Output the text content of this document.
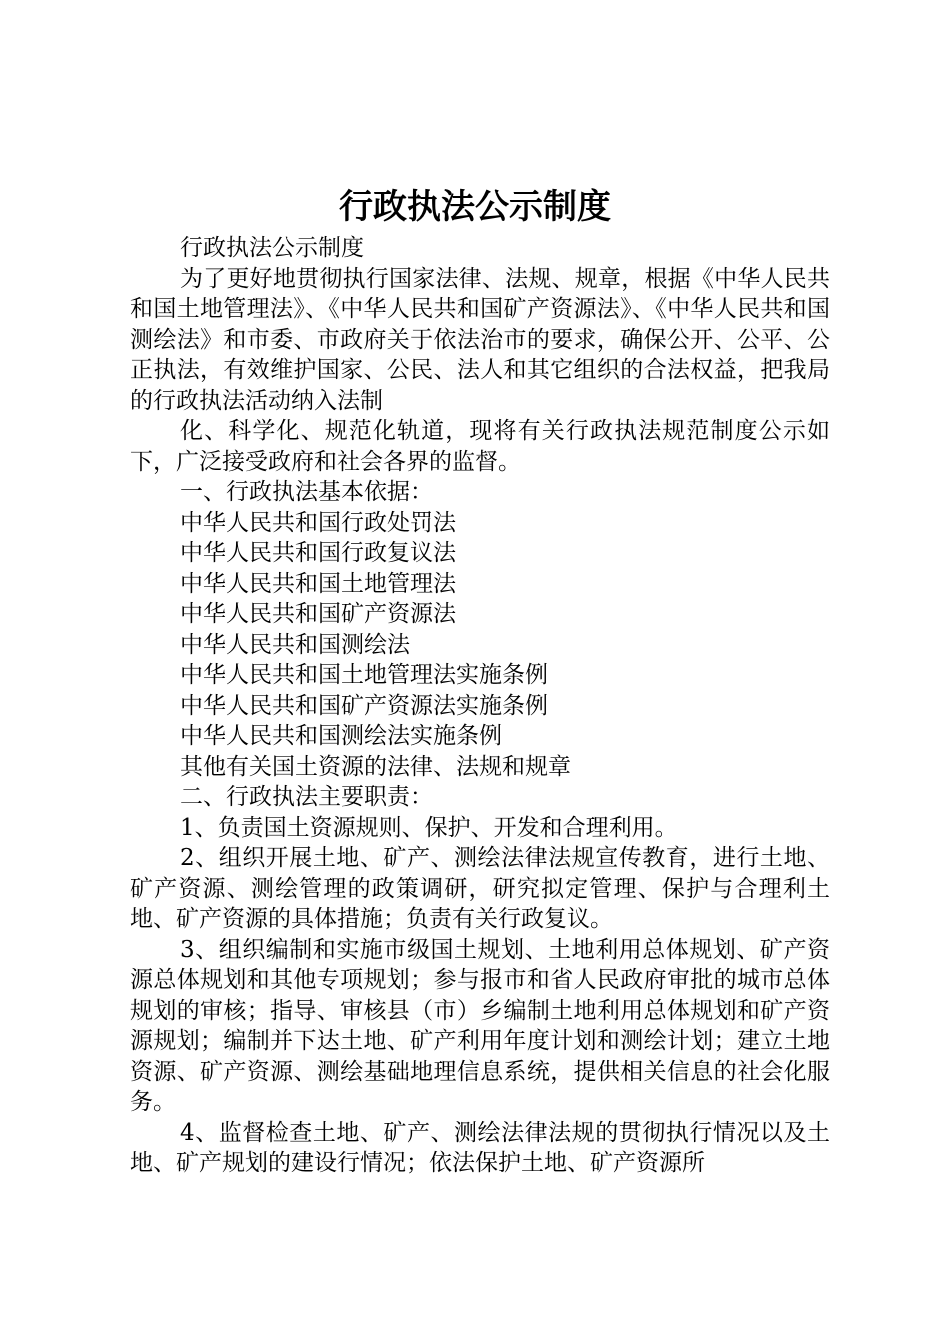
行政执法公示制度

行政执法公示制度

为了更好地贯彻执行国家法律、法规、规章，根据《中华人民共和国土地管理法》、《中华人民共和国矿产资源法》、《中华人民共和国测绘法》和市委、市政府关于依法治市的要求，确保公开、公平、公正执法，有效维护国家、公民、法人和其它组织的合法权益，把我局的行政执法活动纳入法制

化、科学化、规范化轨道，现将有关行政执法规范制度公示如下，广泛接受政府和社会各界的监督。

一、行政执法基本依据：

中华人民共和国行政处罚法

中华人民共和国行政复议法

中华人民共和国土地管理法

中华人民共和国矿产资源法

中华人民共和国测绘法

中华人民共和国土地管理法实施条例

中华人民共和国矿产资源法实施条例

中华人民共和国测绘法实施条例

其他有关国土资源的法律、法规和规章

二、行政执法主要职责：

1、负责国土资源规则、保护、开发和合理利用。

2、组织开展土地、矿产、测绘法律法规宣传教育，进行土地、矿产资源、测绘管理的政策调研，研究拟定管理、保护与合理利土地、矿产资源的具体措施；负责有关行政复议。

3、组织编制和实施市级国土规划、土地利用总体规划、矿产资源总体规划和其他专项规划；参与报市和省人民政府审批的城市总体规划的审核；指导、审核县（市）乡编制土地利用总体规划和矿产资源规划；编制并下达土地、矿产利用年度计划和测绘计划；建立土地资源、矿产资源、测绘基础地理信息系统，提供相关信息的社会化服务。

4、监督检查土地、矿产、测绘法律法规的贯彻执行情况以及土地、矿产规划的建设行情况；依法保护土地、矿产资源所
